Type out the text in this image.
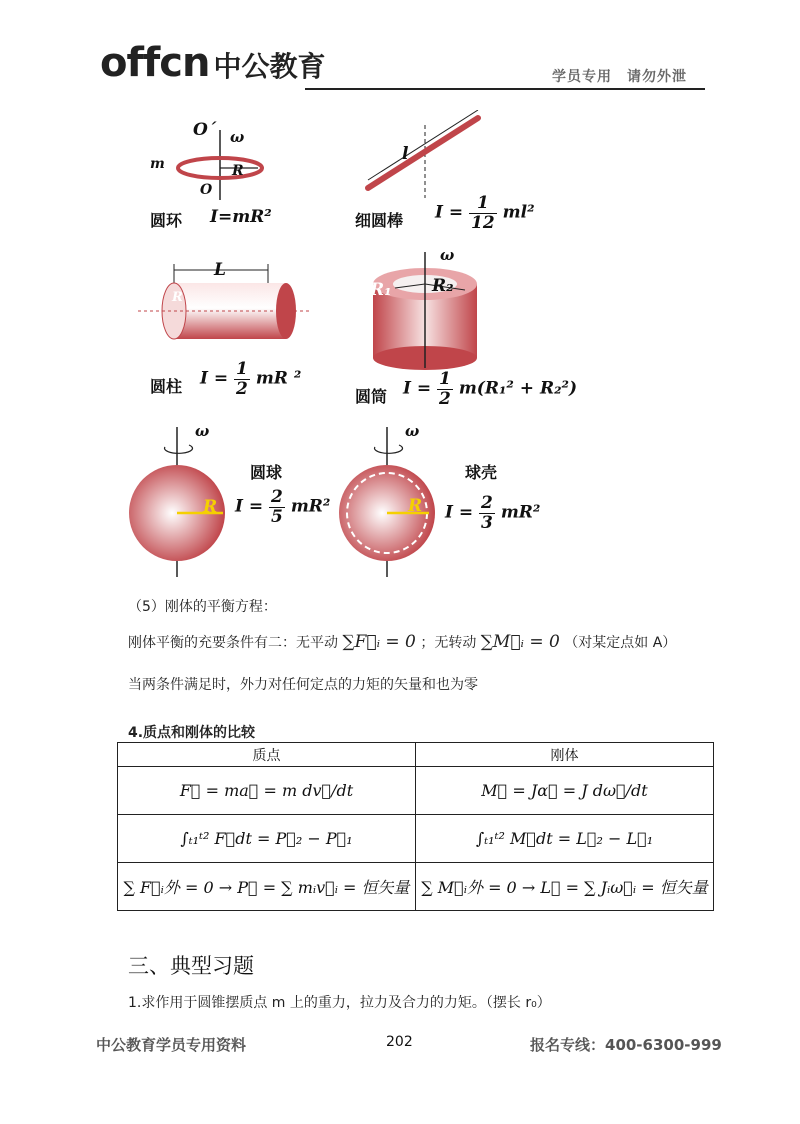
offcn 中公教育	学员专用　请勿外泄
O´ ω
m	R
O
圆环 I=mR²
l
细圆棒 $I = \frac{1}{12} ml^2$
L
R
圆柱 $I = \frac{1}{2}$ mR ²
ω
R₁ R₂
圆筒 $I = \frac{1}{2} m(R_1^2 + R_2^2)$
ω
R
圆球
$I = \frac{2}{5} mR^2$
ω
R
球壳
$I = \frac{2}{3} mR^2$
（5）刚体的平衡方程：
刚体平衡的充要条件有二：无平动 ∑F⃗ᵢ = 0 ；无转动 ∑M⃗ᵢ = 0 （对某定点如 A）
当两条件满足时，外力对任何定点的力矩的矢量和也为零
4.质点和刚体的比较
质点	刚体
F⃗ = ma⃗ = m dv⃗/dt	M⃗ = Jα⃗ = J dω⃗/dt
∫ₜ₁ᵗ² F⃗dt = P⃗₂ − P⃗₁	∫ₜ₁ᵗ² M⃗dt = L⃗₂ − L⃗₁
∑ F⃗ᵢ外 = 0 → P⃗ = ∑ mᵢv⃗ᵢ = 恒矢量	∑ M⃗ᵢ外 = 0 → L⃗ = ∑ Jᵢω⃗ᵢ = 恒矢量
三、典型习题
1.求作用于圆锥摆质点 m 上的重力，拉力及合力的力矩。（摆长 r₀）
中公教育学员专用资料	202	报名专线：400-6300-999
